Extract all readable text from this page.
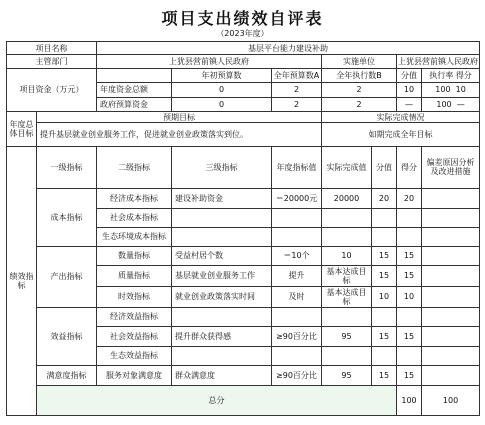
项目支出绩效自评表
（2023年度）
项目名称		基层平台能力建设补助							
主管部门		上犹县营前镇人民政府			实施单位		上犹县营前镇人民政府		
项目资金（万元）			年初预算数	全年预算数A	全年执行数B		分值	执行率 得分	
		年度资金总额	0	2	2		10	100 10	
		政府预算资金	0	2	2		—	100 —	
年度总体目标	预期目标				实际完成情况				
	提升基层就业创业服务工作，促进就业创业政策落实到位。				如期完成全年目标				
绩效指标	一级指标	二级指标	三级指标	年度指标值	实际完成值	分值	得分	偏差原因分析及改进措施	
	成本指标	经济成本指标	建设补助资金	＝20000元	20000	20	20		
		社会成本指标							
		生态环境成本指标							
	产出指标	数量指标	受益村居个数	＝10个	10	15	15		
		质量指标	基层就业创业服务工作	提升	基本达成目标	15	15		
		时效指标	就业创业政策落实时间	及时	基本达成目标	10	10		
	效益指标	经济效益指标							
		社会效益指标	提升群众获得感	≥90百分比	95	15	15		
		生态效益指标							
	满意度指标	服务对象满意度	群众满意度	≥90百分比	95	15	15		
	总分						100	100	
